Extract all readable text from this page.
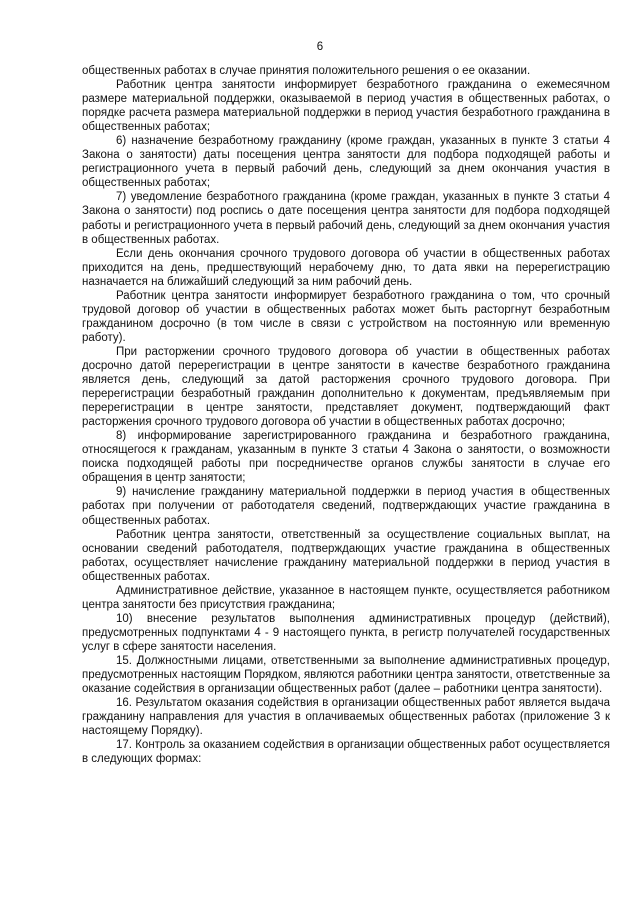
6

общественных работах в случае принятия положительного решения о ее оказании.

Работник центра занятости информирует безработного гражданина о ежемесячном размере материальной поддержки, оказываемой в период участия в общественных работах, о порядке расчета размера материальной поддержки в период участия безработного гражданина в общественных работах;

6) назначение безработному гражданину (кроме граждан, указанных в пункте 3 статьи 4 Закона о занятости) даты посещения центра занятости для подбора подходящей работы и регистрационного учета в первый рабочий день, следующий за днем окончания участия в общественных работах;

7) уведомление безработного гражданина (кроме граждан, указанных в пункте 3 статьи 4 Закона о занятости) под роспись о дате посещения центра занятости для подбора подходящей работы и регистрационного учета в первый рабочий день, следующий за днем окончания участия в общественных работах.

Если день окончания срочного трудового договора об участии в общественных работах приходится на день, предшествующий нерабочему дню, то дата явки на перерегистрацию назначается на ближайший следующий за ним рабочий день.

Работник центра занятости информирует безработного гражданина о том, что срочный трудовой договор об участии в общественных работах может быть расторгнут безработным гражданином досрочно (в том числе в связи с устройством на постоянную или временную работу).

При расторжении срочного трудового договора об участии в общественных работах досрочно датой перерегистрации в центре занятости в качестве безработного гражданина является день, следующий за датой расторжения срочного трудового договора. При перерегистрации безработный гражданин дополнительно к документам, предъявляемым при перерегистрации в центре занятости, представляет документ, подтверждающий факт расторжения срочного трудового договора об участии в общественных работах досрочно;

8) информирование зарегистрированного гражданина и безработного гражданина, относящегося к гражданам, указанным в пункте 3 статьи 4 Закона о занятости, о возможности поиска подходящей работы при посредничестве органов службы занятости в случае его обращения в центр занятости;

9) начисление гражданину материальной поддержки в период участия в общественных работах при получении от работодателя сведений, подтверждающих участие гражданина в общественных работах.

Работник центра занятости, ответственный за осуществление социальных выплат, на основании сведений работодателя, подтверждающих участие гражданина в общественных работах, осуществляет начисление гражданину материальной поддержки в период участия в общественных работах.

Административное действие, указанное в настоящем пункте, осуществляется работником центра занятости без присутствия гражданина;

10) внесение результатов выполнения административных процедур (действий), предусмотренных подпунктами 4 - 9 настоящего пункта, в регистр получателей государственных услуг в сфере занятости населения.

15. Должностными лицами, ответственными за выполнение административных процедур, предусмотренных настоящим Порядком, являются работники центра занятости, ответственные за оказание содействия в организации общественных работ (далее – работники центра занятости).

16. Результатом оказания содействия в организации общественных работ является выдача гражданину направления для участия в оплачиваемых общественных работах (приложение 3 к настоящему Порядку).

17. Контроль за оказанием содействия в организации общественных работ осуществляется в следующих формах:
